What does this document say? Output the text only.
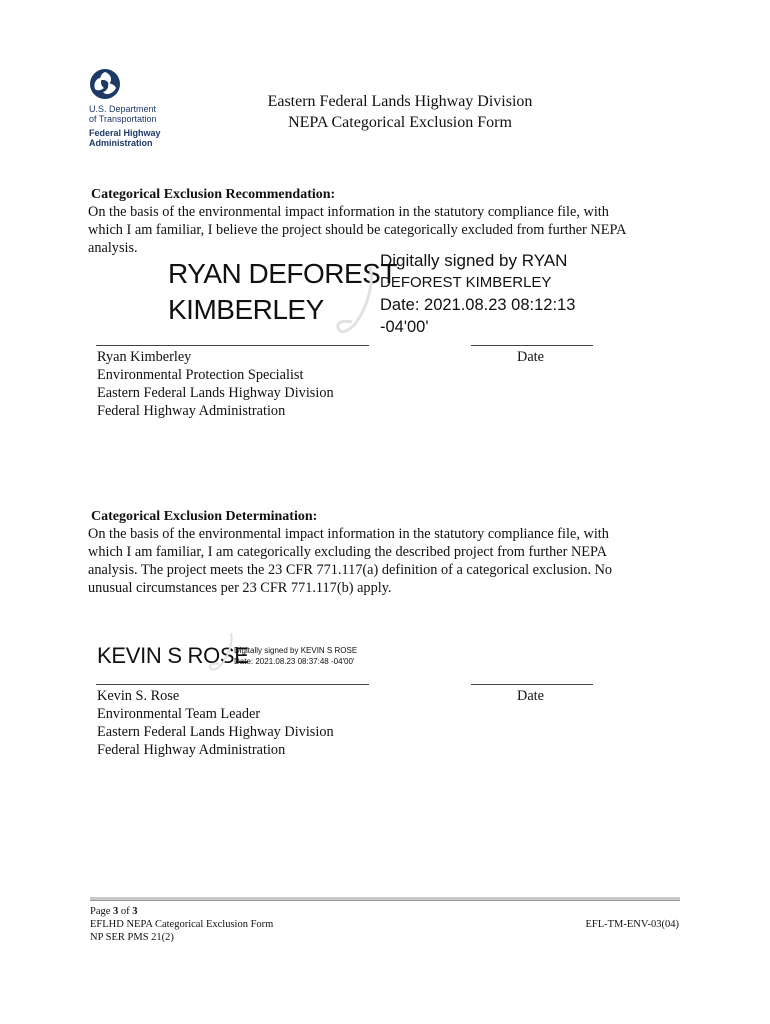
U.S. Department
of Transportation
Federal Highway
Administration
Eastern Federal Lands Highway Division
NEPA Categorical Exclusion Form
Categorical Exclusion Recommendation:
On the basis of the environmental impact information in the statutory compliance file, with
which I am familiar, I believe the project should be categorically excluded from further NEPA
analysis.
RYAN DEFOREST
KIMBERLEY
Digitally signed by RYAN
DEFOREST KIMBERLEY
Date: 2021.08.23 08:12:13
-04'00'
Date
Ryan Kimberley
Environmental Protection Specialist
Eastern Federal Lands Highway Division
Federal Highway Administration
Categorical Exclusion Determination:
On the basis of the environmental impact information in the statutory compliance file, with
which I am familiar, I am categorically excluding the described project from further NEPA
analysis. The project meets the 23 CFR 771.117(a) definition of a categorical exclusion. No
unusual circumstances per 23 CFR 771.117(b) apply.
KEVIN S ROSE
Digitally signed by KEVIN S ROSE
Date: 2021.08.23 08:37:48 -04'00'
Date
Kevin S. Rose
Environmental Team Leader
Eastern Federal Lands Highway Division
Federal Highway Administration
Page 3 of 3
EFLHD NEPA Categorical Exclusion Form
NP SER PMS 21(2)
EFL-TM-ENV-03(04)
